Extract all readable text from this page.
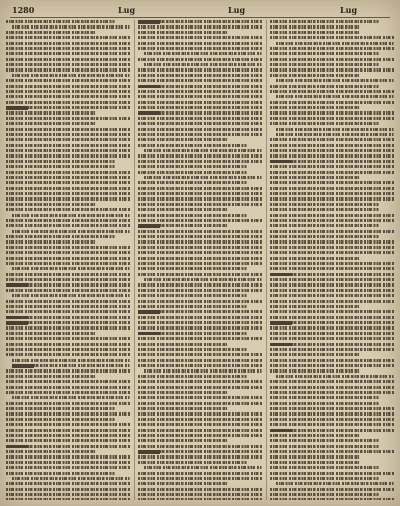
1280	Lug	Lug	Lug
